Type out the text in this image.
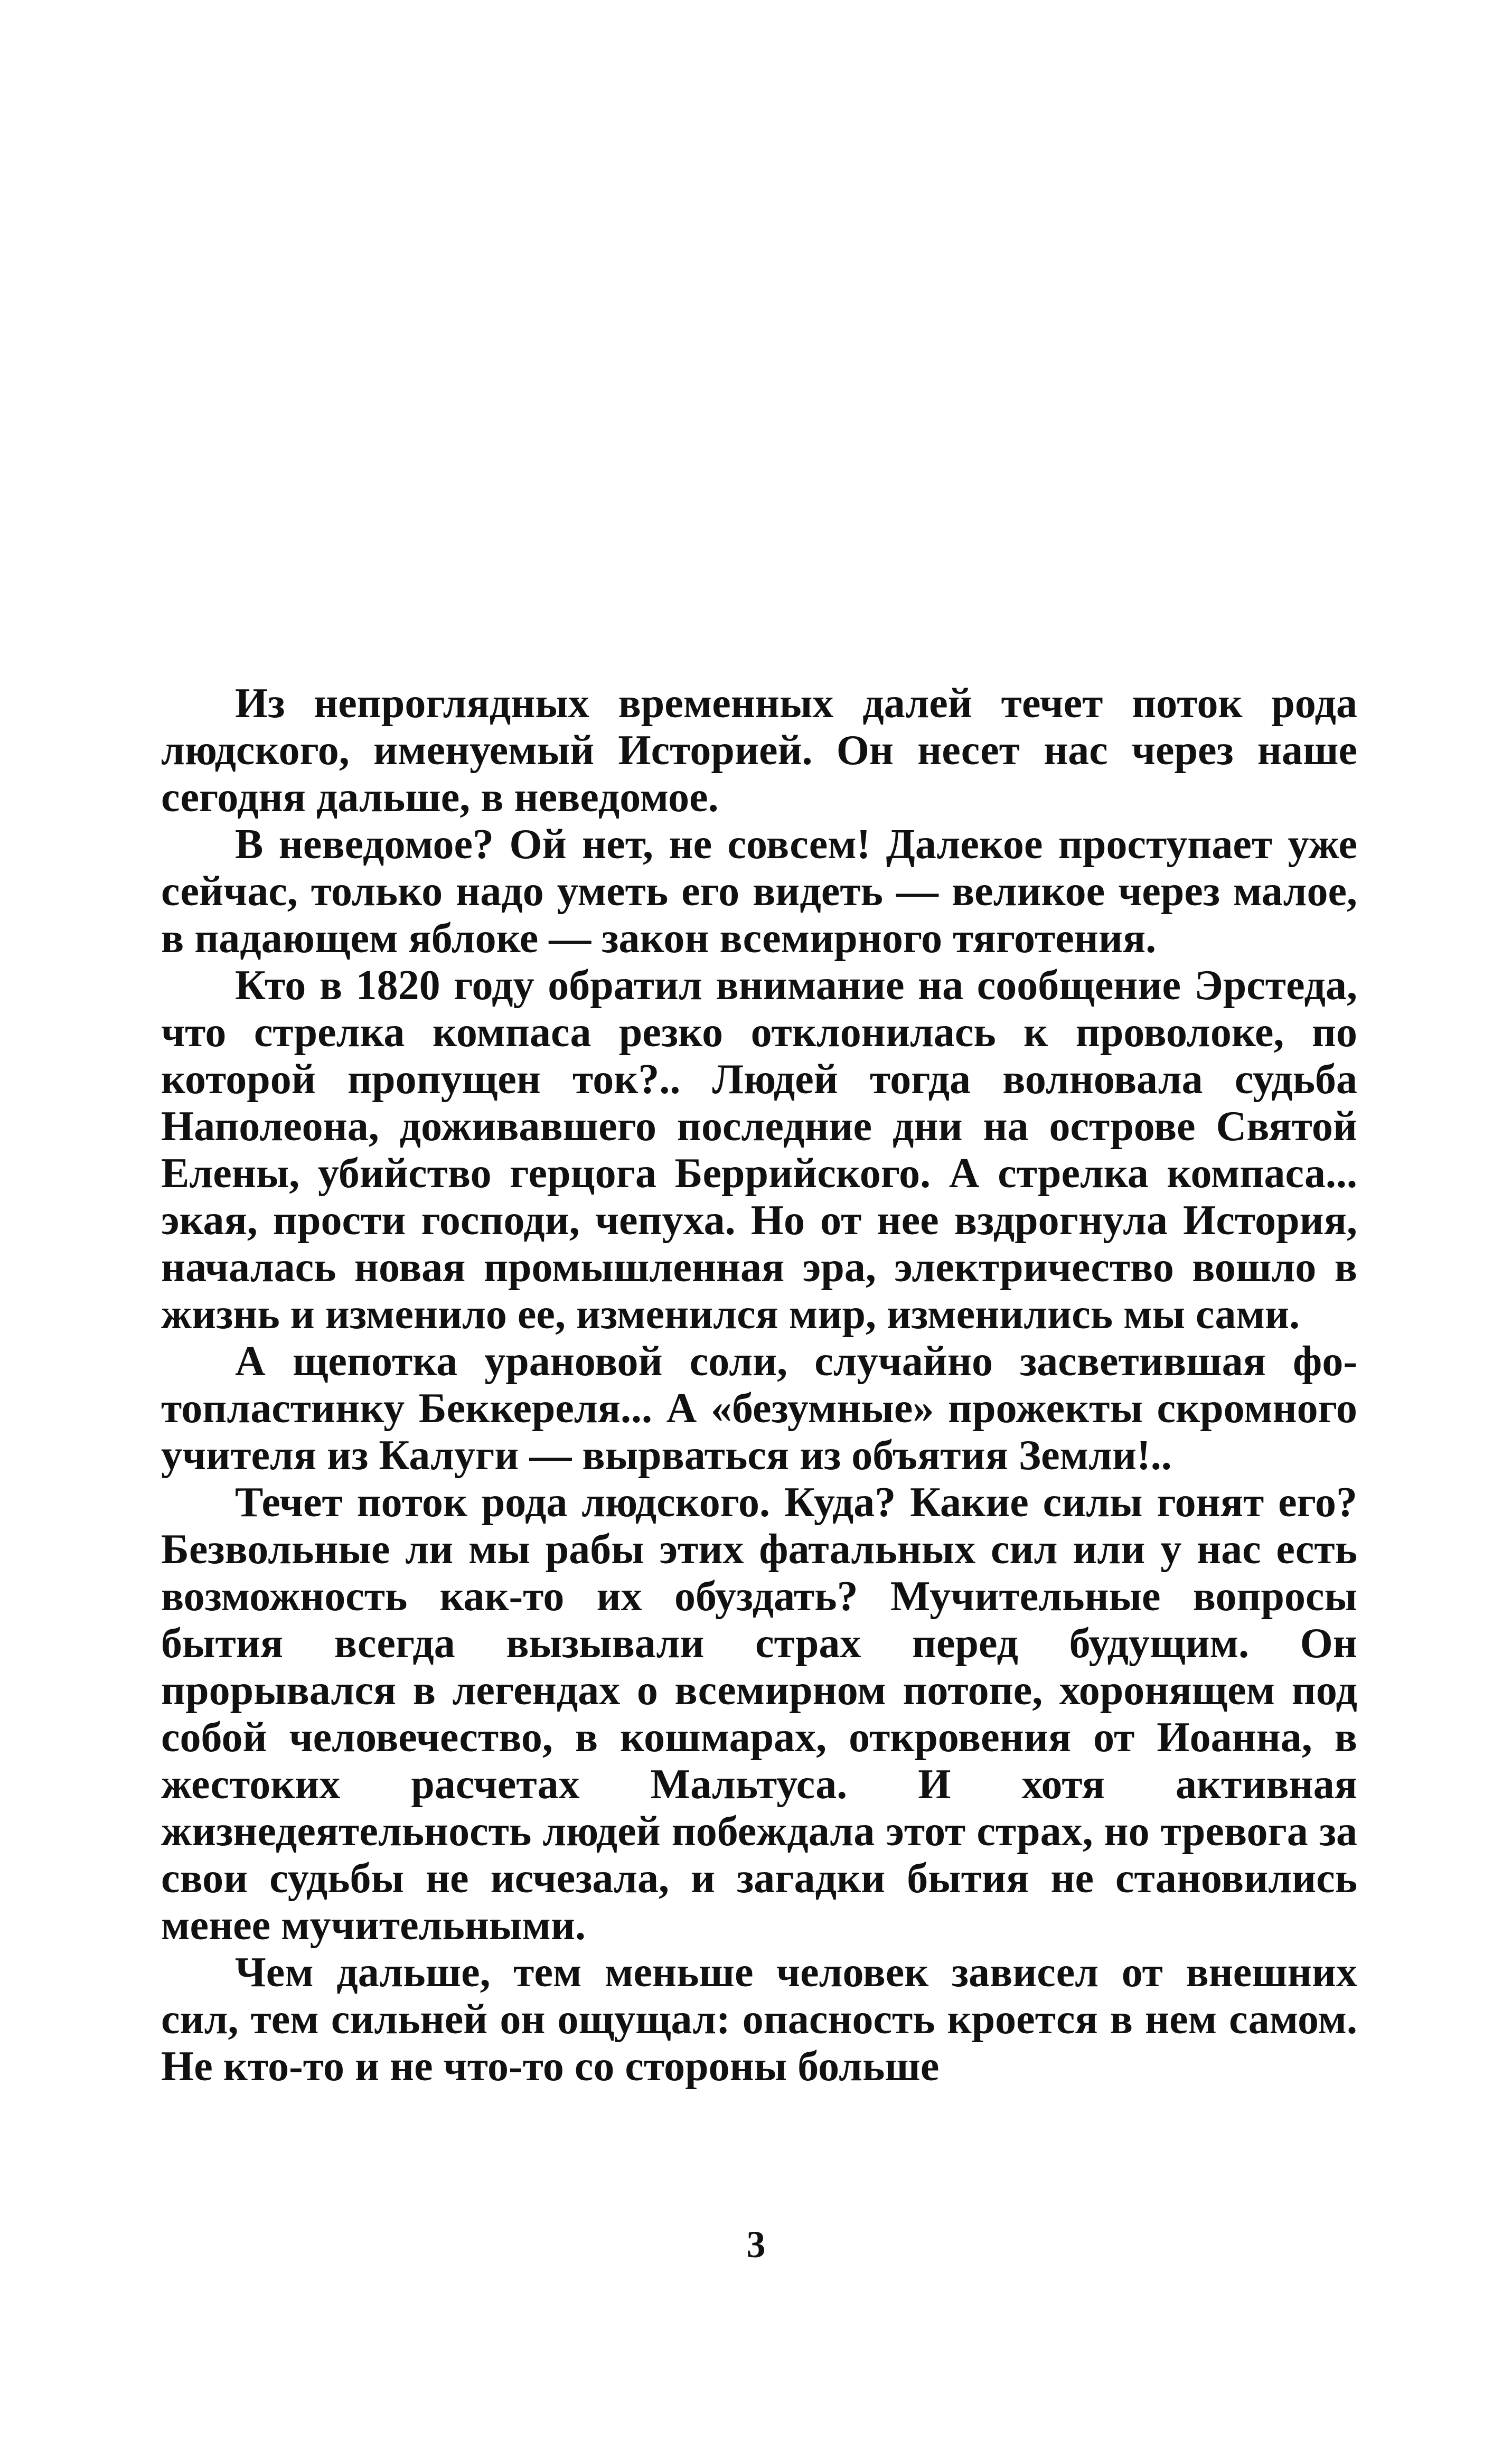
Из непроглядных временных далей течет поток рода людского, именуемый Историей. Он несет нас через наше сегодня дальше, в неведомое.

В неведомое? Ой нет, не совсем! Далекое проступает уже сейчас, только надо уметь его видеть — великое через малое, в падающем яблоке — закон всемирного тяготения.

Кто в 1820 году обратил внимание на сообщение Эрстеда, что стрелка компаса резко отклонилась к проволоке, по которой пропущен ток?.. Людей тогда волновала судьба Наполеона, доживавшего последние дни на острове Святой Елены, убийство герцога Беррийского. А стрелка компаса... экая, прости господи, чепуха. Но от нее вздрогнула История, началась новая промышленная эра, электричество вошло в жизнь и изменило ее, изменился мир, изменились мы сами.

А щепотка урановой соли, случайно засветившая фотопластинку Беккереля... А «безумные» прожекты скромного учителя из Калуги — вырваться из объятия Земли!..

Течет поток рода людского. Куда? Какие силы гонят его? Безвольные ли мы рабы этих фатальных сил или у нас есть возможность как-то их обуздать? Мучительные вопросы бытия всегда вызывали страх перед будущим. Он прорывался в легендах о всемирном потопе, хоронящем под собой человечество, в кошмарах, откровения от Иоанна, в жестоких расчетах Мальтуса. И хотя активная жизнедеятельность людей побеждала этот страх, но тревога за свои судьбы не исчезала, и загадки бытия не становились менее мучительными.

Чем дальше, тем меньше человек зависел от внешних сил, тем сильней он ощущал: опасность кроется в нем самом. Не кто-то и не что-то со стороны больше

3
